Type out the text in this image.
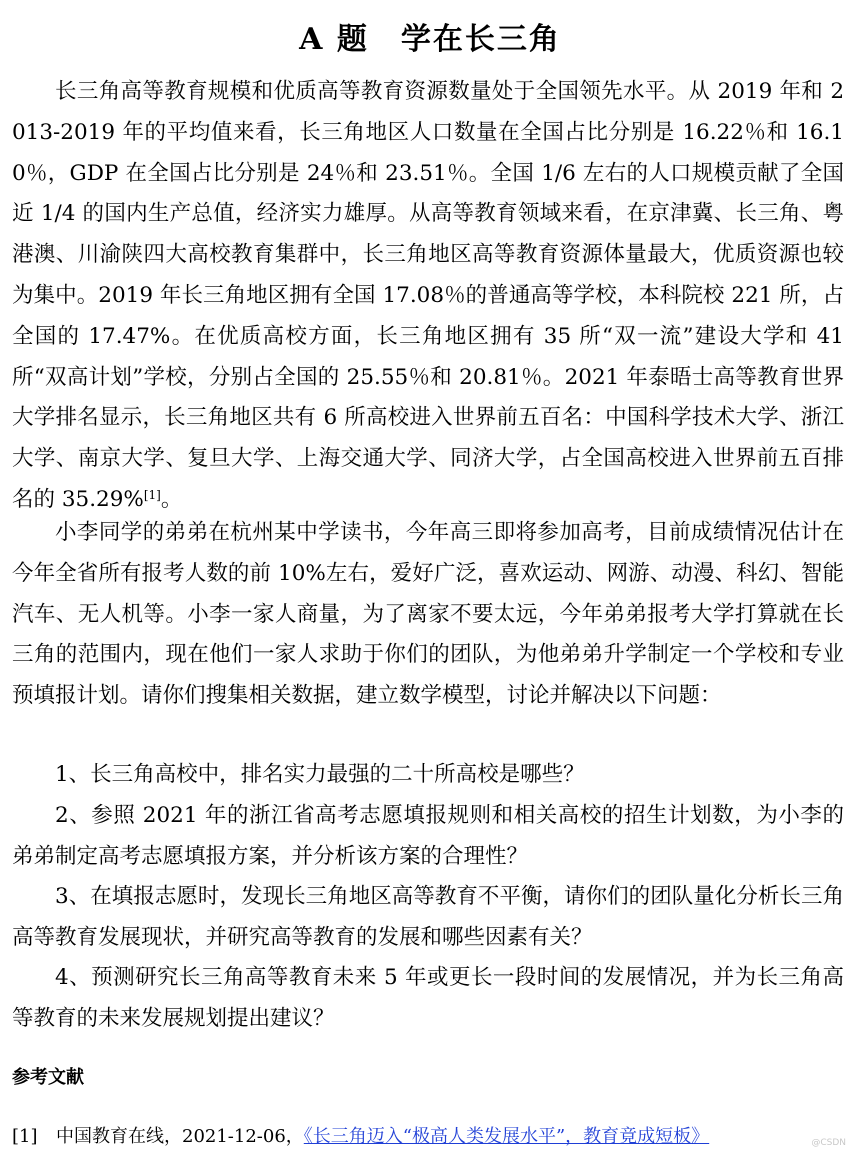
A 题　学在长三角

长三角高等教育规模和优质高等教育资源数量处于全国领先水平。从 2019 年和 2013-2019 年的平均值来看，长三角地区人口数量在全国占比分别是 16.22％和 16.10％，GDP 在全国占比分别是 24％和 23.51％。全国 1/6 左右的人口规模贡献了全国近 1/4 的国内生产总值，经济实力雄厚。从高等教育领域来看，在京津冀、长三角、粤港澳、川渝陕四大高校教育集群中，长三角地区高等教育资源体量最大，优质资源也较为集中。2019 年长三角地区拥有全国 17.08％的普通高等学校，本科院校 221 所，占全国的 17.47%。在优质高校方面，长三角地区拥有 35 所“双一流”建设大学和 41 所“双高计划”学校，分别占全国的 25.55％和 20.81％。2021 年泰晤士高等教育世界大学排名显示，长三角地区共有 6 所高校进入世界前五百名：中国科学技术大学、浙江大学、南京大学、复旦大学、上海交通大学、同济大学，占全国高校进入世界前五百排名的 35.29%[1]。

小李同学的弟弟在杭州某中学读书，今年高三即将参加高考，目前成绩情况估计在今年全省所有报考人数的前 10%左右，爱好广泛，喜欢运动、网游、动漫、科幻、智能汽车、无人机等。小李一家人商量，为了离家不要太远，今年弟弟报考大学打算就在长三角的范围内，现在他们一家人求助于你们的团队，为他弟弟升学制定一个学校和专业预填报计划。请你们搜集相关数据，建立数学模型，讨论并解决以下问题：

1、长三角高校中，排名实力最强的二十所高校是哪些？

2、参照 2021 年的浙江省高考志愿填报规则和相关高校的招生计划数，为小李的弟弟制定高考志愿填报方案，并分析该方案的合理性？

3、在填报志愿时，发现长三角地区高等教育不平衡，请你们的团队量化分析长三角高等教育发展现状，并研究高等教育的发展和哪些因素有关？

4、预测研究长三角高等教育未来 5 年或更长一段时间的发展情况，并为长三角高等教育的未来发展规划提出建议？

参考文献
[1] 中国教育在线，2021-12-06，《长三角迈入“极高人类发展水平”，教育竟成短板》	@CSDN
